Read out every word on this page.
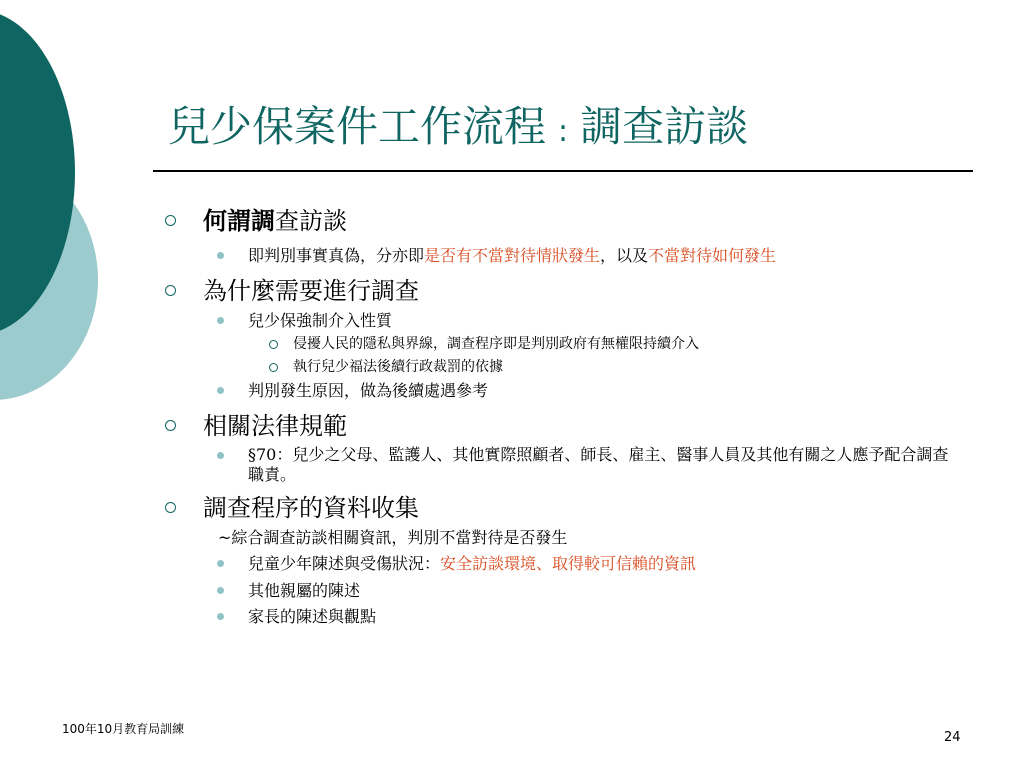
兒少保案件工作流程 : 調查訪談
何謂調查訪談
即判別事實真偽，分亦即是否有不當對待情狀發生，以及不當對待如何發生
為什麼需要進行調查
兒少保強制介入性質
侵擾人民的隱私與界線，調查程序即是判別政府有無權限持續介入
執行兒少福法後續行政裁罰的依據
判別發生原因，做為後續處遇參考
相關法律規範
§70：兒少之父母、監護人、其他實際照顧者、師長、雇主、醫事人員及其他有關之人應予配合調查職責。
調查程序的資料收集
~綜合調查訪談相關資訊，判別不當對待是否發生
兒童少年陳述與受傷狀況：安全訪談環境、取得較可信賴的資訊
其他親屬的陳述
家長的陳述與觀點
100年10月教育局訓練
24
